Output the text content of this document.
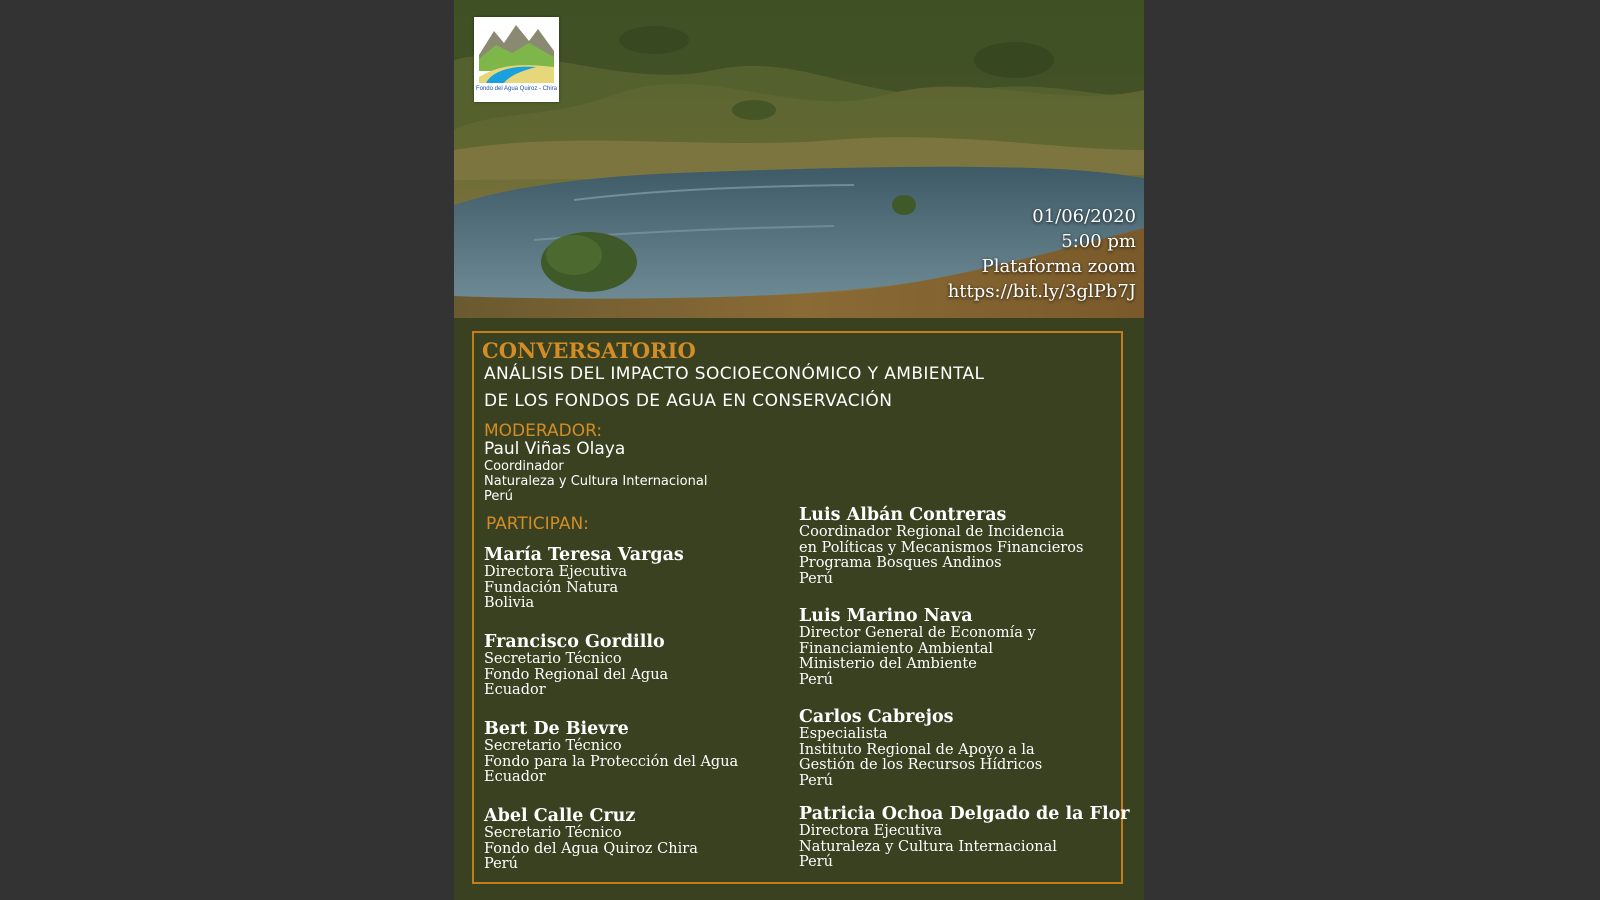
Fondo del Agua Quiroz - Chira
01/06/2020
5:00 pm
Plataforma zoom
https://bit.ly/3glPb7J
CONVERSATORIO
ANÁLISIS DEL IMPACTO SOCIOECONÓMICO Y AMBIENTAL
DE LOS FONDOS DE AGUA EN CONSERVACIÓN
MODERADOR:
Paul Viñas Olaya
Coordinador
Naturaleza y Cultura Internacional
Perú
PARTICIPAN:
María Teresa Vargas
Directora Ejecutiva
Fundación Natura
Bolivia
Francisco Gordillo
Secretario Técnico
Fondo Regional del Agua
Ecuador
Bert De Bievre
Secretario Técnico
Fondo para la Protección del Agua
Ecuador
Abel Calle Cruz
Secretario Técnico
Fondo del Agua Quiroz Chira
Perú
Luis Albán Contreras
Coordinador Regional de Incidencia
en Políticas y Mecanismos Financieros
Programa Bosques Andinos
Perú
Luis Marino Nava
Director General de Economía y
Financiamiento Ambiental
Ministerio del Ambiente
Perú
Carlos Cabrejos
Especialista
Instituto Regional de Apoyo a la
Gestión de los Recursos Hídricos
Perú
Patricia Ochoa Delgado de la Flor
Directora Ejecutiva
Naturaleza y Cultura Internacional
Perú
